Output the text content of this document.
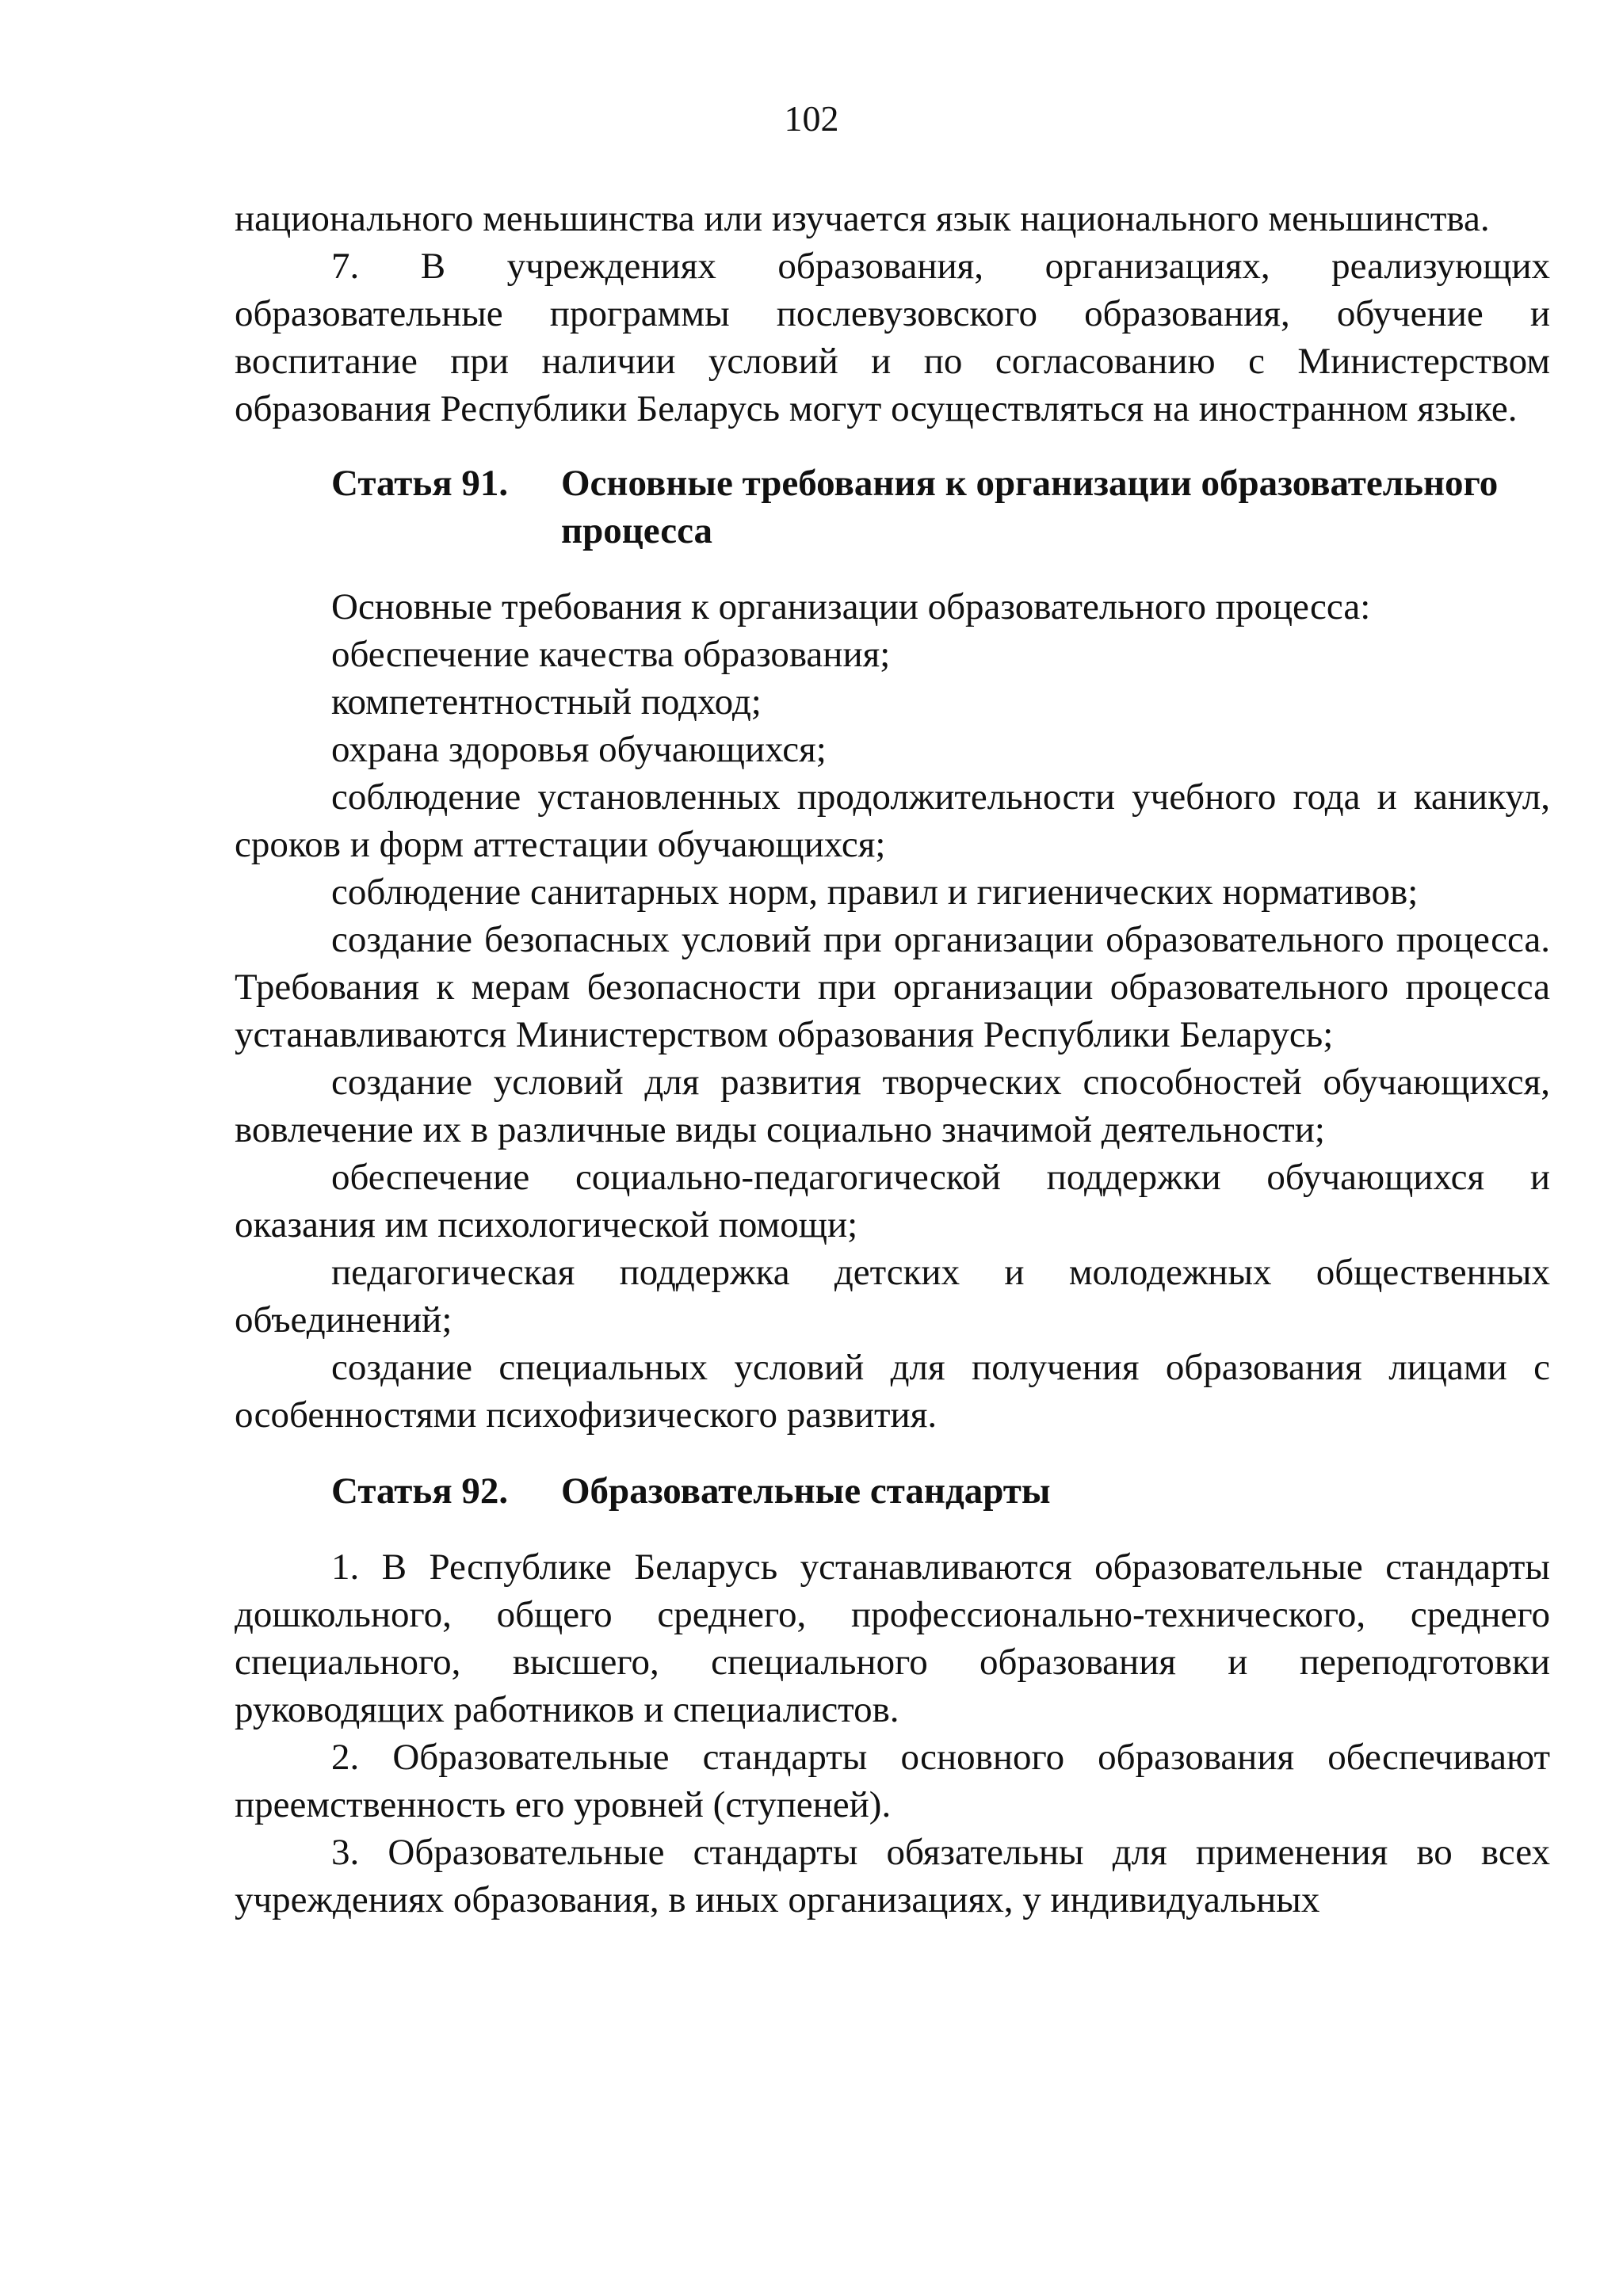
102

национального меньшинства или изучается язык национального меньшинства.

7. В учреждениях образования, организациях, реализующих образовательные программы послевузовского образования, обучение и воспитание при наличии условий и по согласованию с Министерством образования Республики Беларусь могут осуществляться на иностранном языке.

Статья 91.	Основные требования к организации образовательного процесса

Основные требования к организации образовательного процесса:

обеспечение качества образования;

компетентностный подход;

охрана здоровья обучающихся;

соблюдение установленных продолжительности учебного года и каникул, сроков и форм аттестации обучающихся;

соблюдение санитарных норм, правил и гигиенических нормативов;

создание безопасных условий при организации образовательного процесса. Требования к мерам безопасности при организации образовательного процесса устанавливаются Министерством образования Республики Беларусь;

создание условий для развития творческих способностей обучающихся, вовлечение их в различные виды социально значимой деятельности;

обеспечение социально-педагогической поддержки обучающихся и оказания им психологической помощи;

педагогическая поддержка детских и молодежных общественных объединений;

создание специальных условий для получения образования лицами с особенностями психофизического развития.

Статья 92.	Образовательные стандарты

1. В Республике Беларусь устанавливаются образовательные стандарты дошкольного, общего среднего, профессионально-технического, среднего специального, высшего, специального образования и переподготовки руководящих работников и специалистов.

2. Образовательные стандарты основного образования обеспечивают преемственность его уровней (ступеней).

3. Образовательные стандарты обязательны для применения во всех учреждениях образования, в иных организациях, у индивидуальных
